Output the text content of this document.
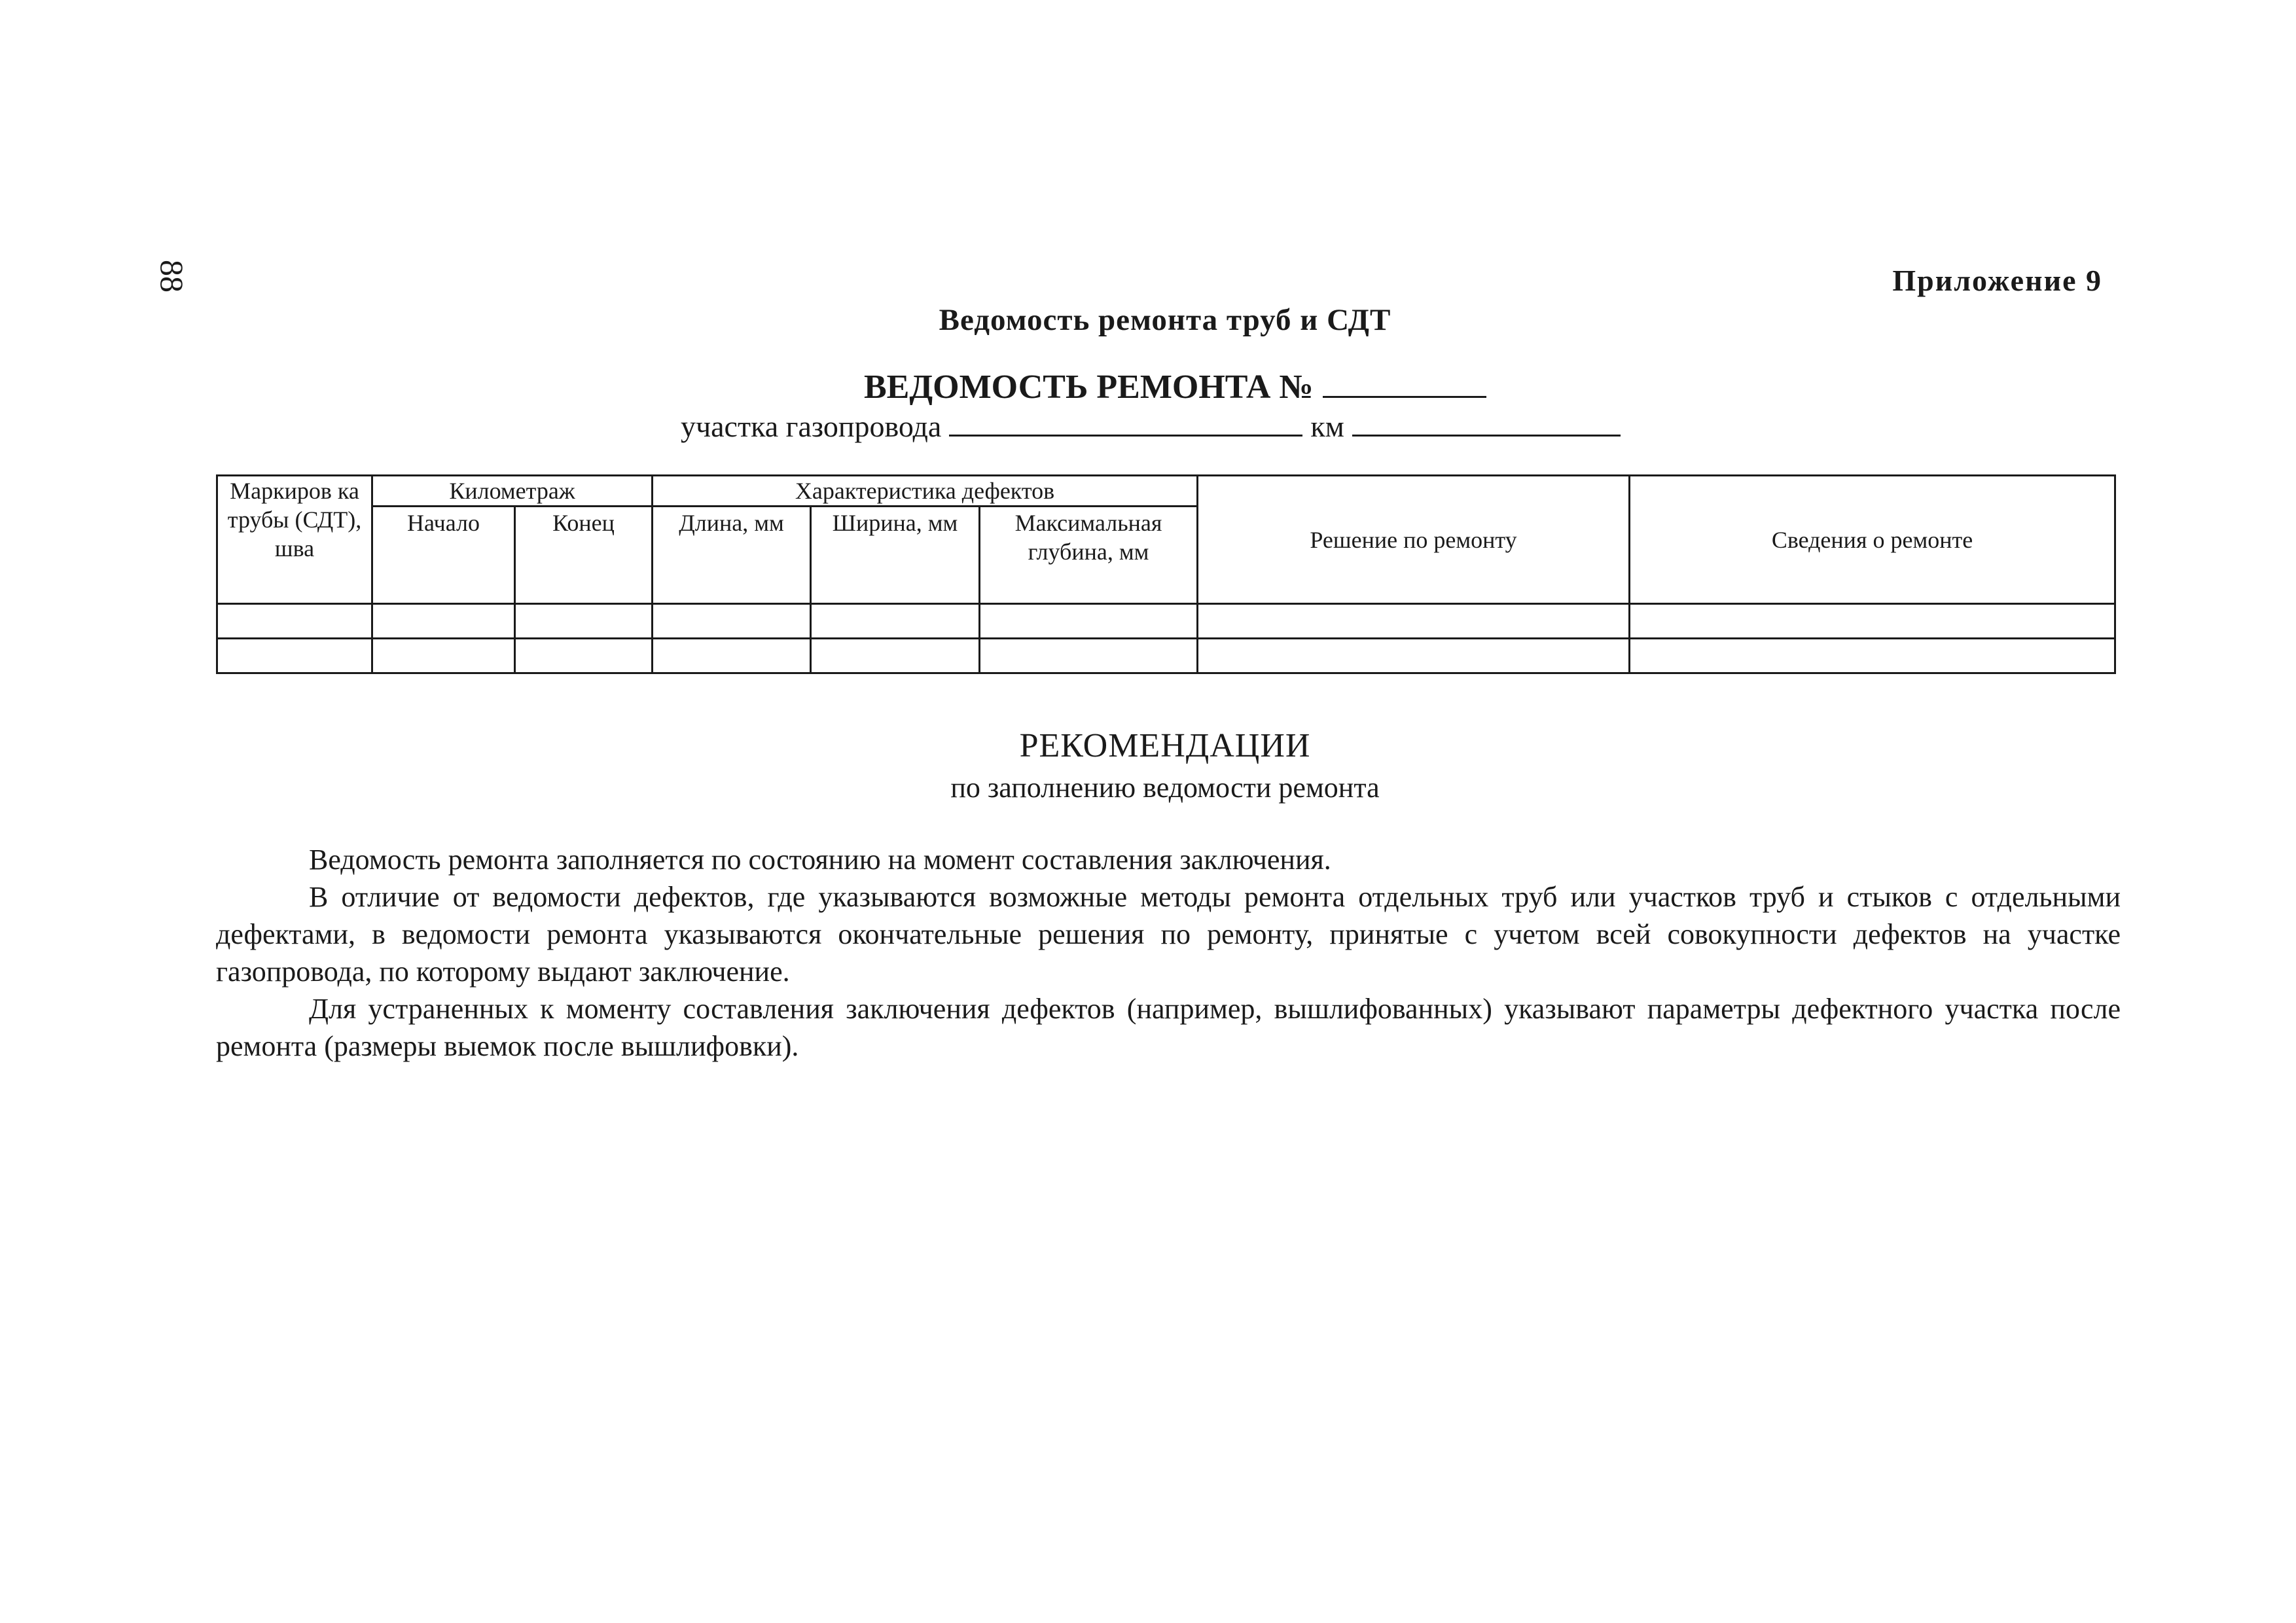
88	Приложение 9
Ведомость ремонта труб и СДТ
ВЕДОМОСТЬ РЕМОНТА №
участка газопровода	км
Маркиров ка трубы (СДТ), шва	Километраж		Характеристика дефектов			Решение по ремонту	Сведения о ремонте
	Начало	Конец	Длина, мм	Ширина, мм	Максимальная глубина, мм		

РЕКОМЕНДАЦИИ
по заполнению ведомости ремонта

Ведомость ремонта заполняется по состоянию на момент составления заключения.

В отличие от ведомости дефектов, где указываются возможные методы ремонта отдельных труб или участков труб и стыков с отдельными дефектами, в ведомости ремонта указываются окончательные решения по ремонту, принятые с учетом всей совокупности дефектов на участке газопровода, по которому выдают заключение.

Для устраненных к моменту составления заключения дефектов (например, вышлифованных) указывают параметры дефектного участка после ремонта (размеры выемок после вышлифовки).
